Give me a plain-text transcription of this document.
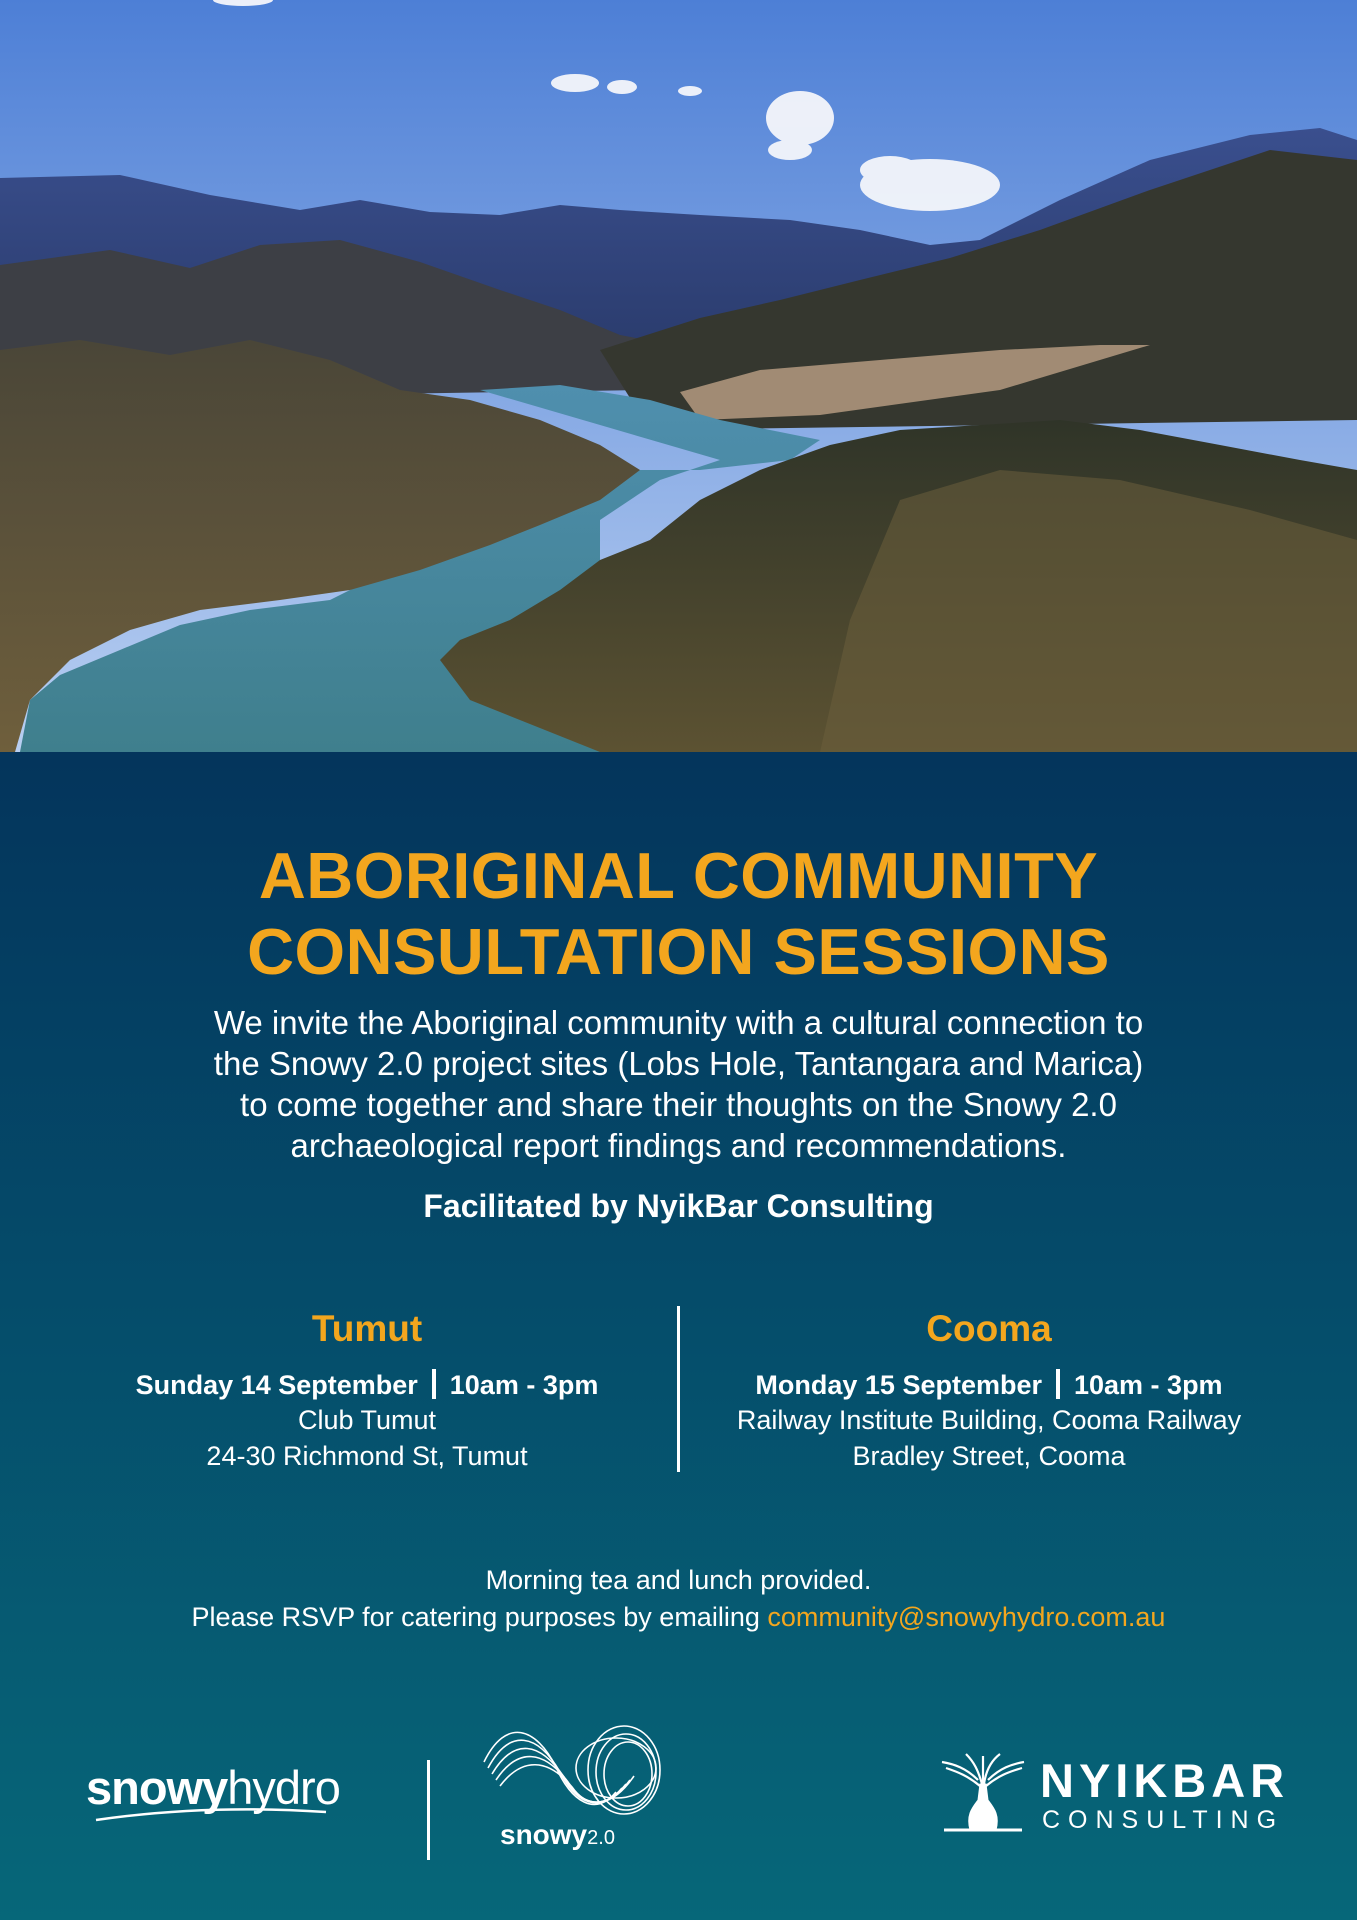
ABORIGINAL COMMUNITY
CONSULTATION SESSIONS
We invite the Aboriginal community with a cultural connection to
the Snowy 2.0 project sites (Lobs Hole, Tantangara and Marica)
to come together and share their thoughts on the Snowy 2.0
archaeological report findings and recommendations.
Facilitated by NyikBar Consulting
Tumut
Sunday 14 September 10am - 3pm
Club Tumut
24-30 Richmond St, Tumut
Cooma
Monday 15 September 10am - 3pm
Railway Institute Building, Cooma Railway
Bradley Street, Cooma
Morning tea and lunch provided.
Please RSVP for catering purposes by emailing community@snowyhydro.com.au
snowyhydro
snowy2.0
NYIKBAR
CONSULTING
